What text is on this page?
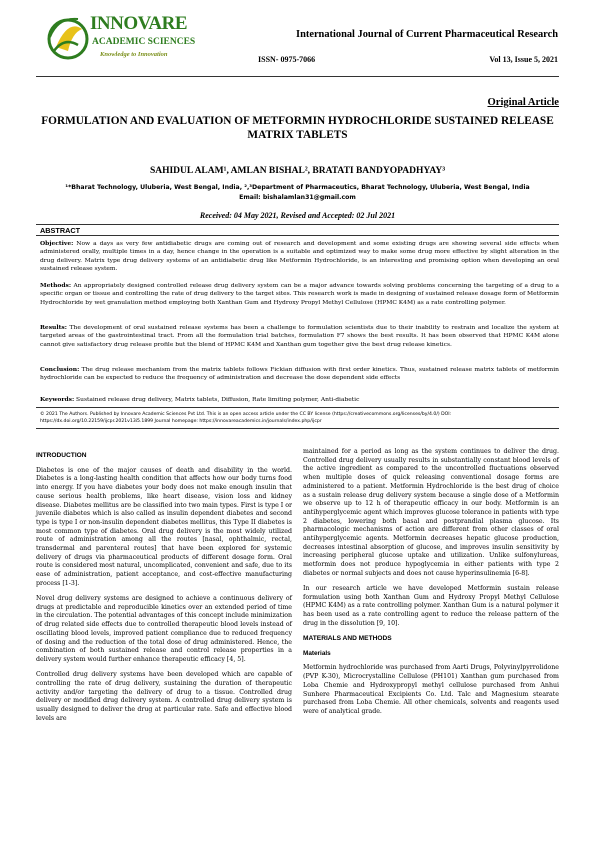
INNOVARE
ACADEMIC SCIENCES
Knowledge to Innovation
International Journal of Current Pharmaceutical Research
ISSN- 0975-7066	Vol 13, Issue 5, 2021
Original Article
FORMULATION AND EVALUATION OF METFORMIN HYDROCHLORIDE SUSTAINED RELEASE MATRIX TABLETS
SAHIDUL ALAM¹, AMLAN BISHAL², BRATATI BANDYOPADHYAY³
¹*Bharat Technology, Uluberia, West Bengal, India, ²,³Department of Pharmaceutics, Bharat Technology, Uluberia, West Bengal, India
Email: bishalamlan31@gmail.com
Received: 04 May 2021, Revised and Accepted: 02 Jul 2021
ABSTRACT

Objective: Now a days as very few antidiabetic drugs are coming out of research and development and some existing drugs are showing several side effects when administered orally, multiple times in a day, hence change in the operation is a suitable and optimized way to make some drug more effective by slight alteration in the drug delivery. Matrix type drug delivery systems of an antidiabetic drug like Metformin Hydrochloride, is an interesting and promising option when developing an oral sustained release system.

Methods: An appropriately designed controlled release drug delivery system can be a major advance towards solving problems concerning the targeting of a drug to a specific organ or tissue and controlling the rate of drug delivery to the target sites. This research work is made in designing of sustained release dosage form of Metformin Hydrochloride by wet granulation method employing both Xanthan Gum and Hydroxy Propyl Methyl Cellulose (HPMC K4M) as a rate controlling polymer.

Results: The development of oral sustained release systems has been a challenge to formulation scientists due to their inability to restrain and localize the system at targeted areas of the gastrointestinal tract. From all the formulation trial batches, formulation F7 shows the best results. It has been observed that HPMC K4M alone cannot give satisfactory drug release profile but the blend of HPMC K4M and Xanthan gum together give the best drug release kinetics.

Conclusion: The drug release mechanism from the matrix tablets follows Fickian diffusion with first order kinetics. Thus, sustained release matrix tablets of metformin hydrochloride can be expected to reduce the frequency of administration and decrease the dose dependent side effects

Keywords: Sustained release drug delivery, Matrix tablets, Diffusion, Rate limiting polymer, Anti-diabetic
© 2021 The Authors. Published by Innovare Academic Sciences Pvt Ltd. This is an open access article under the CC BY license (https://creativecommons.org/licenses/by/4.0/) DOI: https://dx.doi.org/10.22159/ijcpr.2021v13i5.1899 Journal homepage: https://innovareacademics.in/journals/index.php/ijcpr
INTRODUCTION

Diabetes is one of the major causes of death and disability in the world. Diabetes is a long-lasting health condition that affects how our body turns food into energy. If you have diabetes your body does not make enough insulin that cause serious health problems, like heart disease, vision loss and kidney disease. Diabetes mellitus are be classified into two main types. First is type I or juvenile diabetes which is also called as insulin dependent diabetes and second type is type I or non-insulin dependent diabetes mellitus, this Type II diabetes is most common type of diabetes. Oral drug delivery is the most widely utilized route of administration among all the routes [nasal, ophthalmic, rectal, transdermal and parenteral routes] that have been explored for systemic delivery of drugs via pharmaceutical products of different dosage form. Oral route is considered most natural, uncomplicated, convenient and safe, due to its ease of administration, patient acceptance, and cost-effective manufacturing process [1-3].

Novel drug delivery systems are designed to achieve a continuous delivery of drugs at predictable and reproducible kinetics over an extended period of time in the circulation. The potential advantages of this concept include minimization of drug related side effects due to controlled therapeutic blood levels instead of oscillating blood levels, improved patient compliance due to reduced frequency of dosing and the reduction of the total dose of drug administered. Hence, the combination of both sustained release and control release properties in a delivery system would further enhance therapeutic efficacy [4, 5].

Controlled drug delivery systems have been developed which are capable of controlling the rate of drug delivery, sustaining the duration of therapeutic activity and/or targeting the delivery of drug to a tissue. Controlled drug delivery or modified drug delivery system. A controlled drug delivery system is usually designed to deliver the drug at particular rate. Safe and effective blood levels are

maintained for a period as long as the system continues to deliver the drug. Controlled drug delivery usually results in substantially constant blood levels of the active ingredient as compared to the uncontrolled fluctuations observed when multiple doses of quick releasing conventional dosage forms are administered to a patient. Metformin Hydrochloride is the best drug of choice as a sustain release drug delivery system because a single dose of a Metformin we observe up to 12 h of therapeutic efficacy in our body. Metformin is an antihyperglycemic agent which improves glucose tolerance in patients with type 2 diabetes, lowering both basal and postprandial plasma glucose. Its pharmacologic mechanisms of action are different from other classes of oral antihyperglycemic agents. Metformin decreases hepatic glucose production, decreases intestinal absorption of glucose, and improves insulin sensitivity by increasing peripheral glucose uptake and utilization. Unlike sulfonylureas, metformin does not produce hypoglycemia in either patients with type 2 diabetes or normal subjects and does not cause hyperinsulinemia [6-8].

In our research article we have developed Metformin sustain release formulation using both Xanthan Gum and Hydroxy Propyl Methyl Cellulose (HPMC K4M) as a rate controlling polymer. Xanthan Gum is a natural polymer it has been used as a rate controlling agent to reduce the release pattern of the drug in the dissolution [9, 10].

MATERIALS AND METHODS
Materials

Metformin hydrochloride was purchased from Aarti Drugs, Polyvinylpyrrolidone (PVP K-30), Microcrystalline Cellulose (PH101) Xanthan gum purchased from Loba Chemie and Hydroxypropyl methyl cellulose purchased from Anhui Sunhere Pharmaceutical Excipients Co. Ltd. Talc and Magnesium stearate purchased from Loba Chemie. All other chemicals, solvents and reagents used were of analytical grade.
